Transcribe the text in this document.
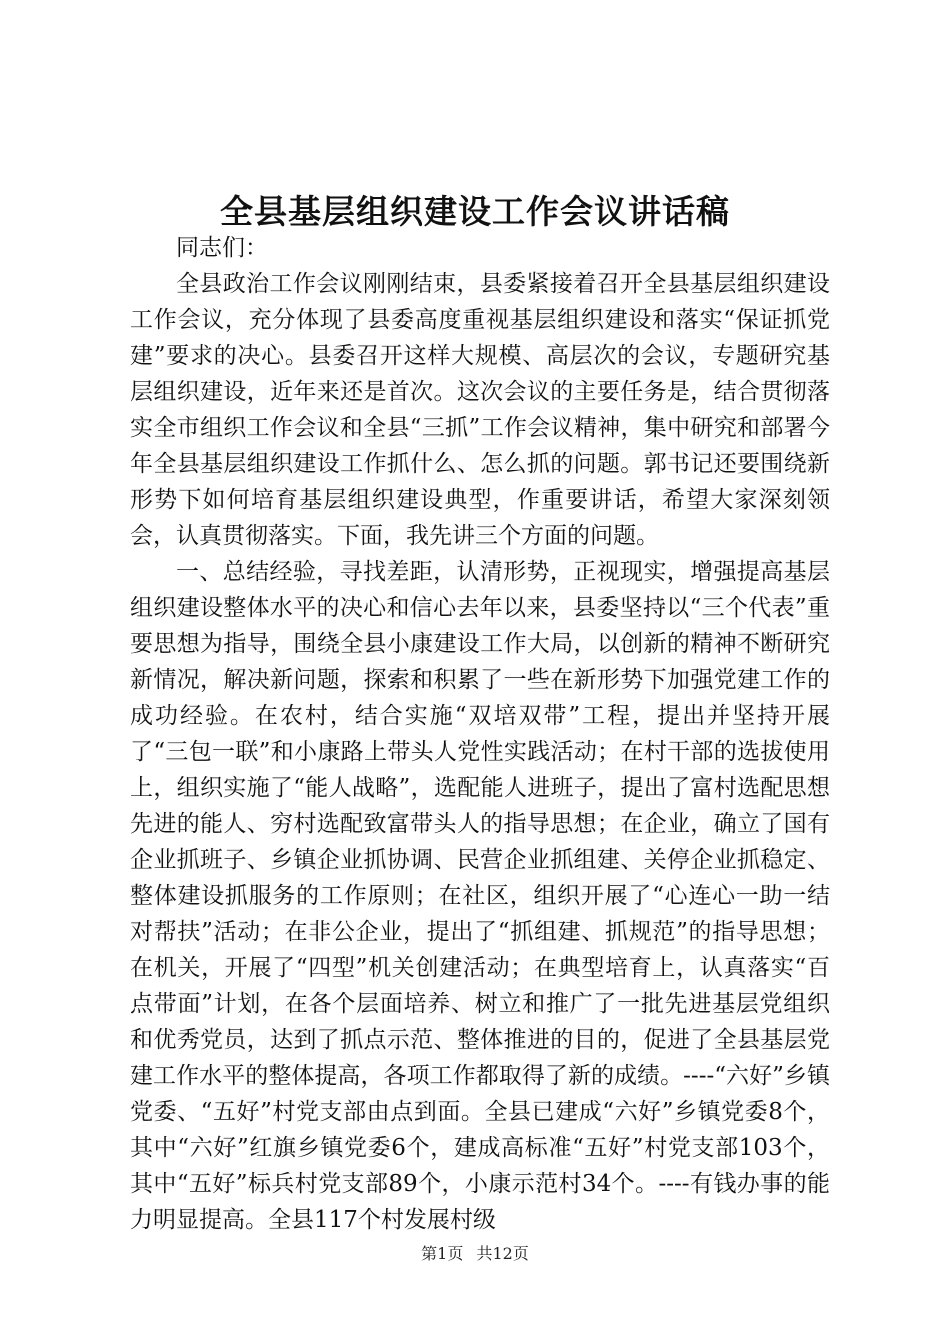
全县基层组织建设工作会议讲话稿

同志们：

全县政治工作会议刚刚结束，县委紧接着召开全县基层组织建设工作会议，充分体现了县委高度重视基层组织建设和落实“保证抓党建”要求的决心。县委召开这样大规模、高层次的会议，专题研究基层组织建设，近年来还是首次。这次会议的主要任务是，结合贯彻落实全市组织工作会议和全县“三抓”工作会议精神，集中研究和部署今年全县基层组织建设工作抓什么、怎么抓的问题。郭书记还要围绕新形势下如何培育基层组织建设典型，作重要讲话，希望大家深刻领会，认真贯彻落实。下面，我先讲三个方面的问题。

一、总结经验，寻找差距，认清形势，正视现实，增强提高基层组织建设整体水平的决心和信心去年以来，县委坚持以“三个代表”重要思想为指导，围绕全县小康建设工作大局，以创新的精神不断研究新情况，解决新问题，探索和积累了一些在新形势下加强党建工作的成功经验。在农村，结合实施“双培双带”工程，提出并坚持开展了“三包一联”和小康路上带头人党性实践活动；在村干部的选拔使用上，组织实施了“能人战略”，选配能人进班子，提出了富村选配思想先进的能人、穷村选配致富带头人的指导思想；在企业，确立了国有企业抓班子、乡镇企业抓协调、民营企业抓组建、关停企业抓稳定、整体建设抓服务的工作原则；在社区，组织开展了“心连心一助一结对帮扶”活动；在非公企业，提出了“抓组建、抓规范”的指导思想；在机关，开展了“四型”机关创建活动；在典型培育上，认真落实“百点带面”计划，在各个层面培养、树立和推广了一批先进基层党组织和优秀党员，达到了抓点示范、整体推进的目的，促进了全县基层党建工作水平的整体提高，各项工作都取得了新的成绩。----“六好”乡镇党委、“五好”村党支部由点到面。全县已建成“六好”乡镇党委8个，其中“六好”红旗乡镇党委6个，建成高标准“五好”村党支部103个，其中“五好”标兵村党支部89个，小康示范村34个。----有钱办事的能力明显提高。全县117个村发展村级

第1页 共12页
